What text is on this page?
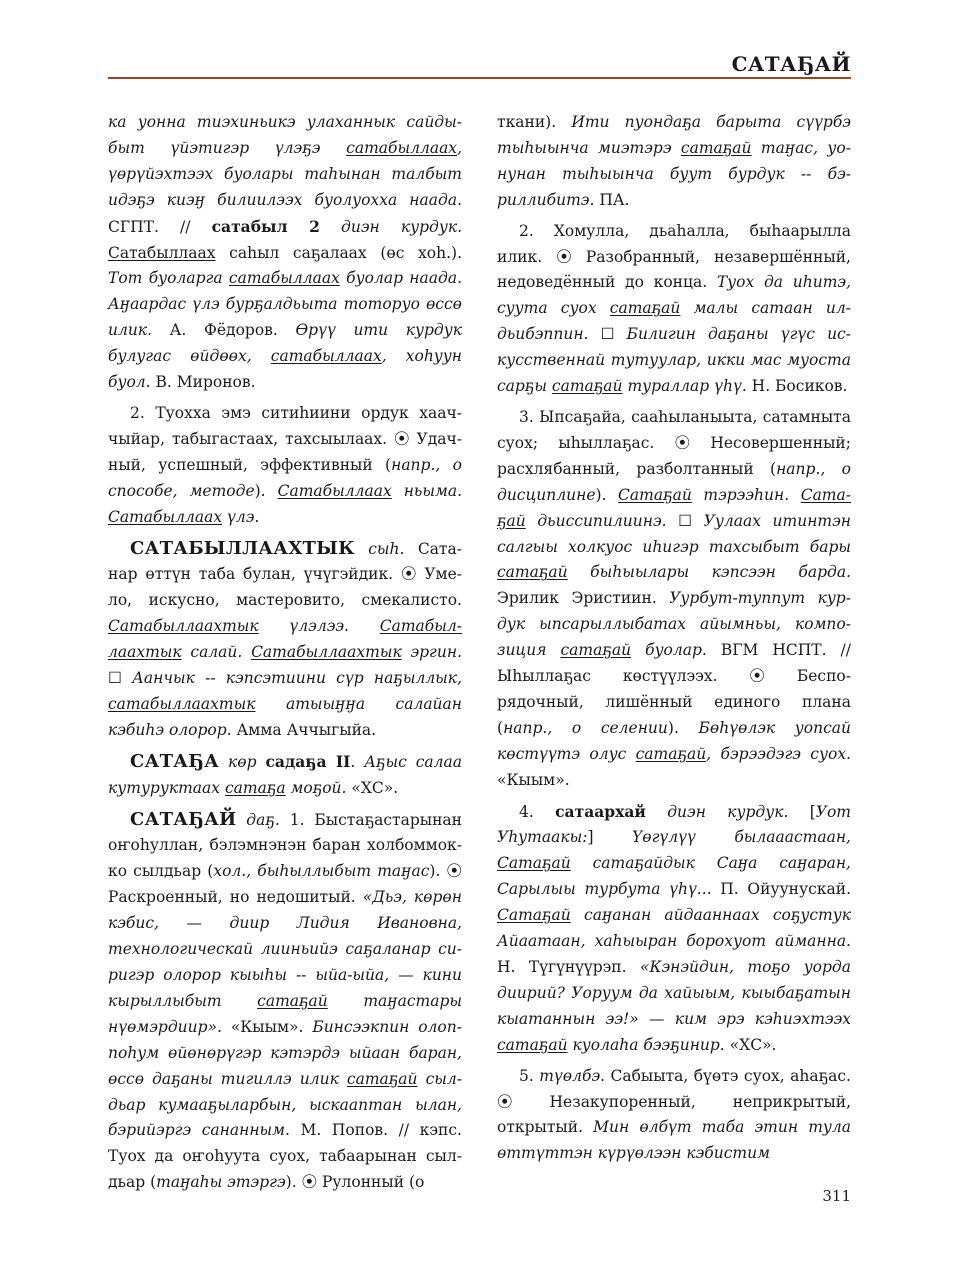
САТАҔАЙ

ка уонна тиэхиньикэ улаханнык сайдыбыт үйэтигэр үлэҕэ сатабыллаах, үөрүйэхтээх буолары таһынан талбыт идэҕэ киэӈ билиилээх буолуохха наада. СГПТ. // сатабыл 2 диэн курдук. Сатабыллаах саһыл саҕалаах (өс хоһ.). Тот буоларга сатабыллаах буолар наада. Аӈаардас үлэ бурҕалдьыта тоторуо өссө илик. А. Фёдоров. Өрүү ити курдук булугас өйдөөх, сатабыллаах, хоһуун буол. В. Миронов.

2. Туохха эмэ ситиһиини ордук хааччыйар, табыгастаах, тахсыылаах. ⦿ Удачный, успешный, эффективный (напр., о способе, методе). Сатабыллаах ньыма. Сатабыллаах үлэ.

САТАБЫЛЛААХТЫК сыһ. Сатанар өттүн таба булан, үчүгэйдик. ⦿ Умело, искусно, мастеровито, смекалисто. Сатабыллаахтык үлэлээ. Сатабыллаахтык салай. Сатабыллаахтык эргин. ☐ Аанчык -- кэпсэтиини сүр наҕыллык, сатабыллаахтык атыыӈӈа салайан кэбиһэ олорор. Амма Аччыгыйа.

САТАҔА көр садаҕа II. Аҕыс салаа кутуруктаах сатаҕа моҕой. «ХС».

САТАҔАЙ даҕ. 1. Быстаҕастарынан оҥоһуллан, бэлэмнэнэн баран холбоммокко сылдьар (хол., быһыллыбыт таӈас). ⦿ Раскроенный, но недошитый. «Дьэ, көрөн кэбис, — диир Лидия Ивановна, технологическай лииньийэ саҕаланар сиригэр олорор кыыһы -- ыйа-ыйа, — кини кырыллыбыт сатаҕай таӈастары нүөмэрдиир». «Кыым». Бинсээкпин олоппоһум өйөнөрүгэр кэтэрдэ ыйаан баран, өссө даҕаны тигиллэ илик сатаҕай сылдьар кумааҕыларбын, ыскааптан ылан, бэрийэргэ сананным. М. Попов. // кэпс. Туох да оҥоһуута суох, табаарынан сылдьар (таӈаһы этэргэ). ⦿ Рулонный (о

ткани). Ити пуондаҕа барыта сүүрбэ тыһыынча миэтэрэ сатаҕай таӈас, уонунан тыһыынча буут бурдук -- бэриллибитэ. ПА.

2. Хомулла, дьаһалла, быһаарылла илик. ⦿ Разобранный, незавершённый, недоведённый до конца. Туох да иһитэ, суута суох сатаҕай малы сатаан илдьибэппин. ☐ Билигин даҕаны үгүс искусственнай тутуулар, икки мас муоста сарҕы сатаҕай тураллар үһү. Н. Босиков.

3. Ыпсаҕайа, сааһыланыыта, сатамныта суох; ыһыллаҕас. ⦿ Несовершенный; расхлябанный, разболтанный (напр., о дисциплине). Сатаҕай тэрээһин. Сатаҕай дьиссипилиинэ. ☐ Уулаах итинтэн салгыы холкуос иһигэр тахсыбыт бары сатаҕай быһыылары кэпсээн барда. Эрилик Эристиин. Уурбут-туппут курдук ыпсарыллыбатах айымньы, композиция сатаҕай буолар. ВГМ НСПТ. // Ыһыллаҕас көстүүлээх. ⦿ Беспорядочный, лишённый единого плана (напр., о селении). Бөһүөлэк уопсай көстүүтэ олус сатаҕай, бэрээдэгэ суох. «Кыым».

4. сатаархай диэн курдук. [Уот Уһутаакы:] Үөгүлүү былааастаан, Сатаҕай сатаҕайдык Саӈа саӈаран, Сарылыы турбута үһү... П. Ойуунускай. Сатаҕай саӈанан айдааннаах соҕустук Айаатаан, хаһыыран борохуот айманна. Н. Түгүнүүрэп. «Кэнэйдин, тоҕо уорда диирий? Уоруум да хайыым, кыыбаҕатын кыатаннын ээ!» — ким эрэ кэһиэхтээх сатаҕай куолаһа бээҕинир. «ХС».

5. түөлбэ. Сабыыта, бүөтэ суох, аһаҕас. ⦿ Незакупоренный, неприкрытый, открытый. Мин өлбүт таба этин тула өттүттэн күрүөлээн кэбистим

311
